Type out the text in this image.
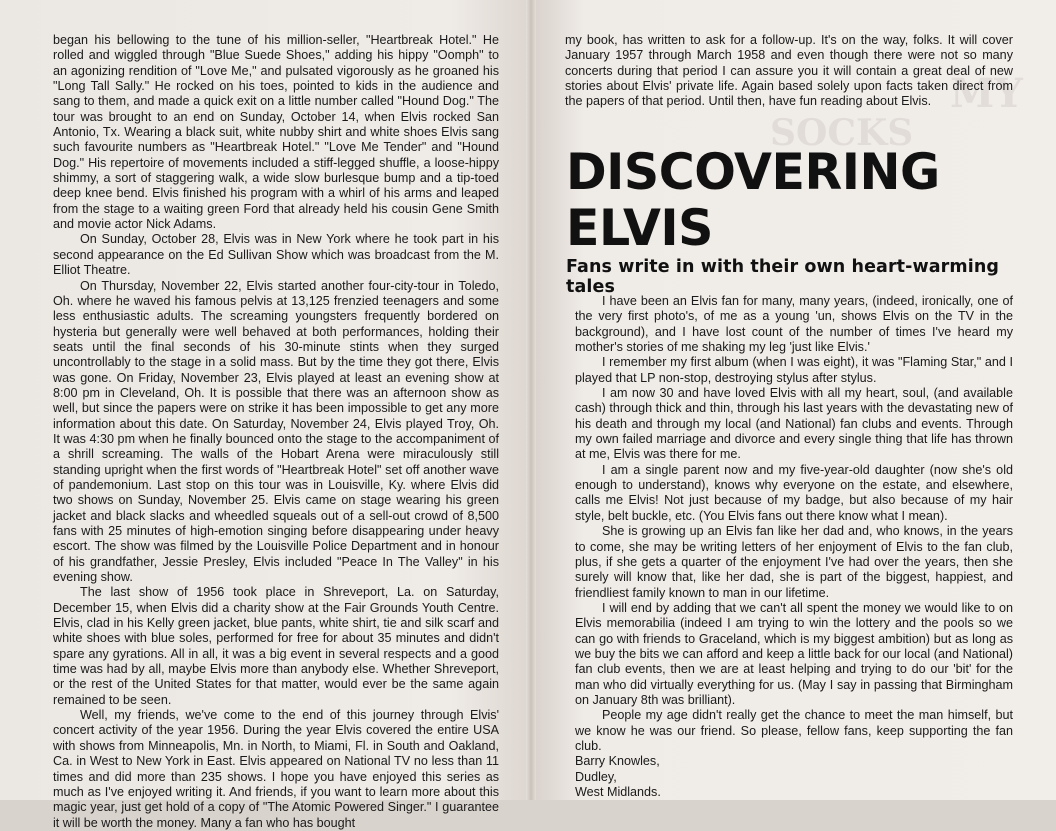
began his bellowing to the tune of his million-seller, "Heartbreak Hotel." He rolled and wiggled through "Blue Suede Shoes," adding his hippy "Oomph" to an agonizing rendition of "Love Me," and pulsated vigorously as he groaned his "Long Tall Sally." He rocked on his toes, pointed to kids in the audience and sang to them, and made a quick exit on a little number called "Hound Dog." The tour was brought to an end on Sunday, October 14, when Elvis rocked San Antonio, Tx. Wearing a black suit, white nubby shirt and white shoes Elvis sang such favourite numbers as "Heartbreak Hotel." "Love Me Tender" and "Hound Dog." His repertoire of movements included a stiff-legged shuffle, a loose-hippy shimmy, a sort of staggering walk, a wide slow burlesque bump and a tip-toed deep knee bend. Elvis finished his program with a whirl of his arms and leaped from the stage to a waiting green Ford that already held his cousin Gene Smith and movie actor Nick Adams.

On Sunday, October 28, Elvis was in New York where he took part in his second appearance on the Ed Sullivan Show which was broadcast from the M. Elliot Theatre.

On Thursday, November 22, Elvis started another four-city-tour in Toledo, Oh. where he waved his famous pelvis at 13,125 frenzied teenagers and some less enthusiastic adults. The screaming youngsters frequently bordered on hysteria but generally were well behaved at both performances, holding their seats until the final seconds of his 30-minute stints when they surged uncontrollably to the stage in a solid mass. But by the time they got there, Elvis was gone. On Friday, November 23, Elvis played at least an evening show at 8:00 pm in Cleveland, Oh. It is possible that there was an afternoon show as well, but since the papers were on strike it has been impossible to get any more information about this date. On Saturday, November 24, Elvis played Troy, Oh. It was 4:30 pm when he finally bounced onto the stage to the accompaniment of a shrill screaming. The walls of the Hobart Arena were miraculously still standing upright when the first words of "Heartbreak Hotel" set off another wave of pandemonium. Last stop on this tour was in Louisville, Ky. where Elvis did two shows on Sunday, November 25. Elvis came on stage wearing his green jacket and black slacks and wheedled squeals out of a sell-out crowd of 8,500 fans with 25 minutes of high-emotion singing before disappearing under heavy escort. The show was filmed by the Louisville Police Department and in honour of his grandfather, Jessie Presley, Elvis included "Peace In The Valley" in his evening show.

The last show of 1956 took place in Shreveport, La. on Saturday, December 15, when Elvis did a charity show at the Fair Grounds Youth Centre. Elvis, clad in his Kelly green jacket, blue pants, white shirt, tie and silk scarf and white shoes with blue soles, performed for free for about 35 minutes and didn't spare any gyrations. All in all, it was a big event in several respects and a good time was had by all, maybe Elvis more than anybody else. Whether Shreveport, or the rest of the United States for that matter, would ever be the same again remained to be seen.

Well, my friends, we've come to the end of this journey through Elvis' concert activity of the year 1956. During the year Elvis covered the entire USA with shows from Minneapolis, Mn. in North, to Miami, Fl. in South and Oakland, Ca. in West to New York in East. Elvis appeared on National TV no less than 11 times and did more than 235 shows. I hope you have enjoyed this series as much as I've enjoyed writing it. And friends, if you want to learn more about this magic year, just get hold of a copy of "The Atomic Powered Singer." I guarantee it will be worth the money. Many a fan who has bought

my book, has written to ask for a follow-up. It's on the way, folks. It will cover January 1957 through March 1958 and even though there were not so many concerts during that period I can assure you it will contain a great deal of new stories about Elvis' private life. Again based solely upon facts taken direct from the papers of that period. Until then, have fun reading about Elvis.

DISCOVERING
ELVIS
Fans write in with their own heart-warming tales

I have been an Elvis fan for many, many years, (indeed, ironically, one of the very first photo's, of me as a young 'un, shows Elvis on the TV in the background), and I have lost count of the number of times I've heard my mother's stories of me shaking my leg 'just like Elvis.'

I remember my first album (when I was eight), it was "Flaming Star," and I played that LP non-stop, destroying stylus after stylus.

I am now 30 and have loved Elvis with all my heart, soul, (and available cash) through thick and thin, through his last years with the devastating new of his death and through my local (and National) fan clubs and events. Through my own failed marriage and divorce and every single thing that life has thrown at me, Elvis was there for me.

I am a single parent now and my five-year-old daughter (now she's old enough to understand), knows why everyone on the estate, and elsewhere, calls me Elvis! Not just because of my badge, but also because of my hair style, belt buckle, etc. (You Elvis fans out there know what I mean).

She is growing up an Elvis fan like her dad and, who knows, in the years to come, she may be writing letters of her enjoyment of Elvis to the fan club, plus, if she gets a quarter of the enjoyment I've had over the years, then she surely will know that, like her dad, she is part of the biggest, happiest, and friendliest family known to man in our lifetime.

I will end by adding that we can't all spent the money we would like to on Elvis memorabilia (indeed I am trying to win the lottery and the pools so we can go with friends to Graceland, which is my biggest ambition) but as long as we buy the bits we can afford and keep a little back for our local (and National) fan club events, then we are at least helping and trying to do our 'bit' for the man who did virtually everything for us. (May I say in passing that Birmingham on January 8th was brilliant).

People my age didn't really get the chance to meet the man himself, but we know he was our friend. So please, fellow fans, keep supporting the fan club.

Barry Knowles,

Dudley,

West Midlands.
